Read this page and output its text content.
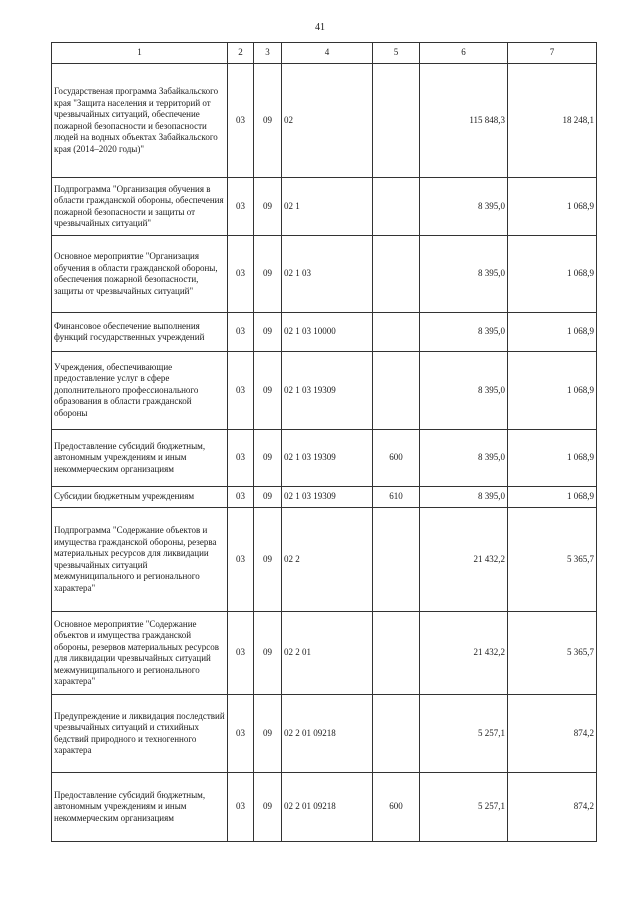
41
1	2	3	4	5	6	7
Государственая программа Забайкальского края "Защита населения и территорий от чрезвычайных ситуаций, обеспечение пожарной безопасности и безопасности людей на водных объектах Забайкальского края (2014–2020 годы)"	03	09	02		115 848,3	18 248,1
Подпрограмма "Организация обучения в области гражданской обороны, обеспечения пожарной безопасности и защиты от чрезвычайных ситуаций"	03	09	02 1		8 395,0	1 068,9
Основное мероприятие "Организация обучения в области гражданской обороны, обеспечения пожарной безопасности, защиты от чрезвычайных ситуаций"	03	09	02 1 03		8 395,0	1 068,9
Финансовое обеспечение выполнения функций государственных учреждений	03	09	02 1 03 10000		8 395,0	1 068,9
Учреждения, обеспечивающие предоставление услуг в сфере дополнительного профессионального образования в области гражданской обороны	03	09	02 1 03 19309		8 395,0	1 068,9
Предоставление субсидий бюджетным, автономным учреждениям и иным некоммерческим организациям	03	09	02 1 03 19309	600	8 395,0	1 068,9
Субсидии бюджетным учреждениям	03	09	02 1 03 19309	610	8 395,0	1 068,9
Подпрограмма "Содержание объектов и имущества гражданской обороны, резерва материальных ресурсов для ликвидации чрезвычайных ситуаций межмуниципального и регионального характера"	03	09	02 2		21 432,2	5 365,7
Основное мероприятие "Содержание объектов и имущества гражданской обороны, резервов материальных ресурсов для ликвидации чрезвычайных ситуаций межмуниципального и регионального характера"	03	09	02 2 01		21 432,2	5 365,7
Предупреждение и ликвидация последствий чрезвычайных ситуаций и стихийных бедствий природного и техногенного характера	03	09	02 2 01 09218		5 257,1	874,2
Предоставление субсидий бюджетным, автономным учреждениям и иным некоммерческим организациям	03	09	02 2 01 09218	600	5 257,1	874,2
